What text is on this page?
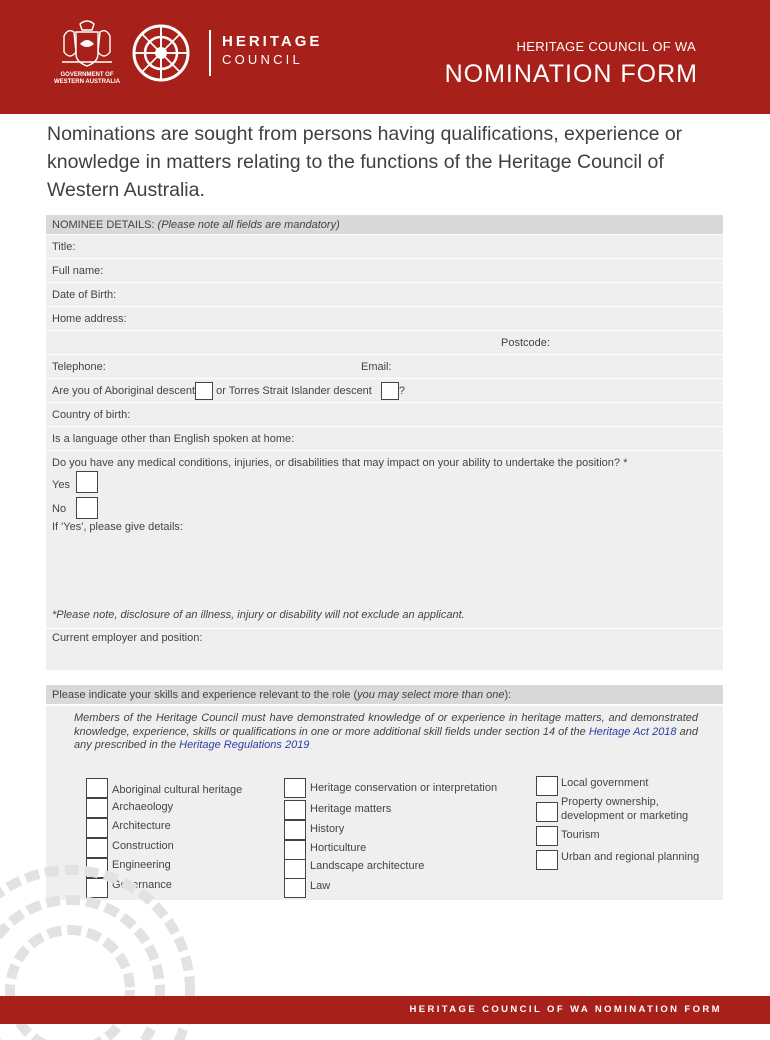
GOVERNMENT OF
WESTERN AUSTRALIA
HERITAGE
COUNCIL
HERITAGE COUNCIL OF WA
NOMINATION FORM
Nominations are sought from persons having qualifications, experience or knowledge in matters relating to the functions of the Heritage Council of Western Australia.
NOMINEE DETAILS: (Please note all fields are mandatory)
Title:
Full name:
Date of Birth:
Home address:
Postcode:
Telephone:	Email:
Are you of Aboriginal descent or Torres Strait Islander descent ?
Country of birth:
Is a language other than English spoken at home:
Do you have any medical conditions, injuries, or disabilities that may impact on your ability to undertake the position? *
Yes
No
If 'Yes', please give details:
*Please note, disclosure of an illness, injury or disability will not exclude an applicant.
Current employer and position:
Please indicate your skills and experience relevant to the role (you may select more than one):
Members of the Heritage Council must have demonstrated knowledge of or experience in heritage matters, and demonstrated knowledge, experience, skills or qualifications in one or more additional skill fields under section 14 of the Heritage Act 2018 and any prescribed in the Heritage Regulations 2019
Aboriginal cultural heritage
Archaeology
Architecture
Construction
Engineering
Governance
Heritage conservation or interpretation
Heritage matters
History
Horticulture
Landscape architecture
Law
Local government
Property ownership, development or marketing
Tourism
Urban and regional planning
HERITAGE COUNCIL OF WA NOMINATION FORM
